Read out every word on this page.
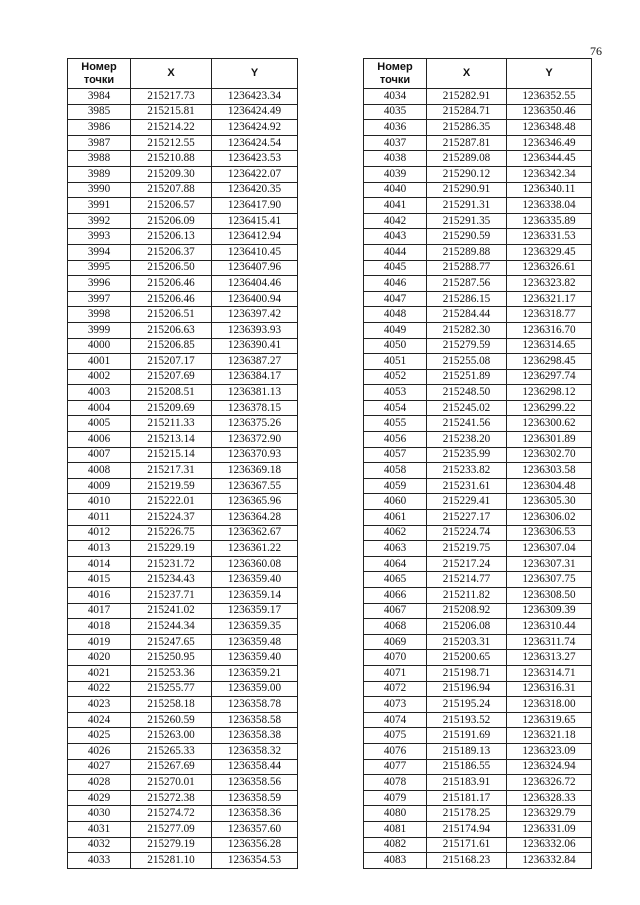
76
Номер точки	X	Y
3984	215217.73	1236423.34
3985	215215.81	1236424.49
3986	215214.22	1236424.92
3987	215212.55	1236424.54
3988	215210.88	1236423.53
3989	215209.30	1236422.07
3990	215207.88	1236420.35
3991	215206.57	1236417.90
3992	215206.09	1236415.41
3993	215206.13	1236412.94
3994	215206.37	1236410.45
3995	215206.50	1236407.96
3996	215206.46	1236404.46
3997	215206.46	1236400.94
3998	215206.51	1236397.42
3999	215206.63	1236393.93
4000	215206.85	1236390.41
4001	215207.17	1236387.27
4002	215207.69	1236384.17
4003	215208.51	1236381.13
4004	215209.69	1236378.15
4005	215211.33	1236375.26
4006	215213.14	1236372.90
4007	215215.14	1236370.93
4008	215217.31	1236369.18
4009	215219.59	1236367.55
4010	215222.01	1236365.96
4011	215224.37	1236364.28
4012	215226.75	1236362.67
4013	215229.19	1236361.22
4014	215231.72	1236360.08
4015	215234.43	1236359.40
4016	215237.71	1236359.14
4017	215241.02	1236359.17
4018	215244.34	1236359.35
4019	215247.65	1236359.48
4020	215250.95	1236359.40
4021	215253.36	1236359.21
4022	215255.77	1236359.00
4023	215258.18	1236358.78
4024	215260.59	1236358.58
4025	215263.00	1236358.38
4026	215265.33	1236358.32
4027	215267.69	1236358.44
4028	215270.01	1236358.56
4029	215272.38	1236358.59
4030	215274.72	1236358.36
4031	215277.09	1236357.60
4032	215279.19	1236356.28
4033	215281.10	1236354.53
Номер точки	X	Y
4034	215282.91	1236352.55
4035	215284.71	1236350.46
4036	215286.35	1236348.48
4037	215287.81	1236346.49
4038	215289.08	1236344.45
4039	215290.12	1236342.34
4040	215290.91	1236340.11
4041	215291.31	1236338.04
4042	215291.35	1236335.89
4043	215290.59	1236331.53
4044	215289.88	1236329.45
4045	215288.77	1236326.61
4046	215287.56	1236323.82
4047	215286.15	1236321.17
4048	215284.44	1236318.77
4049	215282.30	1236316.70
4050	215279.59	1236314.65
4051	215255.08	1236298.45
4052	215251.89	1236297.74
4053	215248.50	1236298.12
4054	215245.02	1236299.22
4055	215241.56	1236300.62
4056	215238.20	1236301.89
4057	215235.99	1236302.70
4058	215233.82	1236303.58
4059	215231.61	1236304.48
4060	215229.41	1236305.30
4061	215227.17	1236306.02
4062	215224.74	1236306.53
4063	215219.75	1236307.04
4064	215217.24	1236307.31
4065	215214.77	1236307.75
4066	215211.82	1236308.50
4067	215208.92	1236309.39
4068	215206.08	1236310.44
4069	215203.31	1236311.74
4070	215200.65	1236313.27
4071	215198.71	1236314.71
4072	215196.94	1236316.31
4073	215195.24	1236318.00
4074	215193.52	1236319.65
4075	215191.69	1236321.18
4076	215189.13	1236323.09
4077	215186.55	1236324.94
4078	215183.91	1236326.72
4079	215181.17	1236328.33
4080	215178.25	1236329.79
4081	215174.94	1236331.09
4082	215171.61	1236332.06
4083	215168.23	1236332.84
